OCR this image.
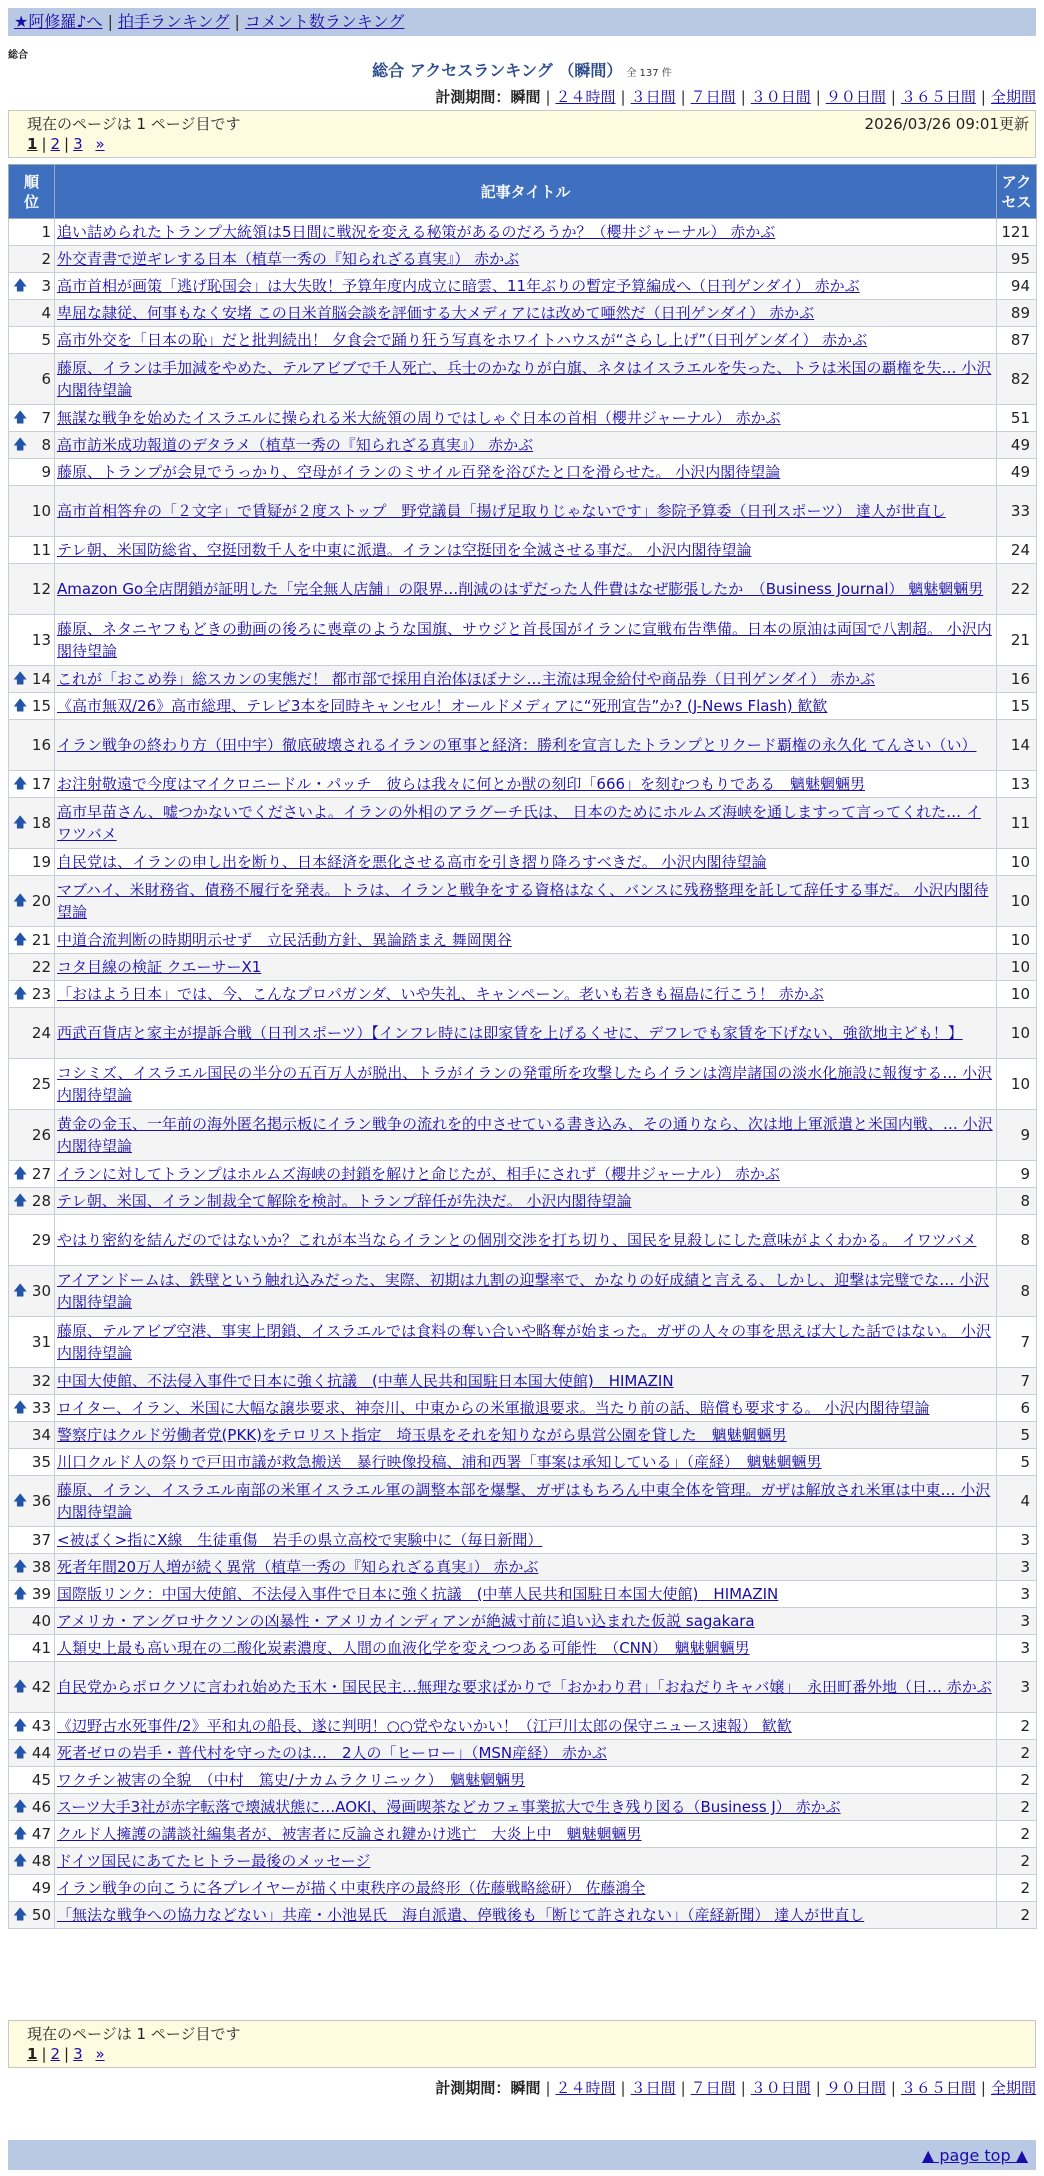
★阿修羅♪へ | 拍手ランキング | コメント数ランキング
総合
総合 アクセスランキング （瞬間） 全 137 件
計測期間：瞬間 | ２４時間 | ３日間 | ７日間 | ３０日間 | ９０日間 | ３６５日間 | 全期間
現在のページは 1 ページ目です	2026/03/26 09:01更新
1 | 2 | 3 »
順位	記事タイトル	アクセス
1	追い詰められたトランプ大統領は5日間に戦況を変える秘策があるのだろうか？（櫻井ジャーナル） 赤かぶ	121
2	外交青書で逆ギレする日本（植草一秀の『知られざる真実』） 赤かぶ	95

🡅 3	高市首相が画策「逃げ恥国会」は大失敗！予算年度内成立に暗雲、11年ぶりの暫定予算編成へ（日刊ゲンダイ） 赤かぶ	94
4	卑屈な隷従、何事もなく安堵 この日米首脳会談を評価する大メディアには改めて唖然だ（日刊ゲンダイ） 赤かぶ	89
5	高市外交を「日本の恥」だと批判続出！ 夕食会で踊り狂う写真をホワイトハウスが“さらし上げ”（日刊ゲンダイ） 赤かぶ	87
6	藤原、イランは手加減をやめた、テルアビブで千人死亡、兵士のかなりが白旗、ネタはイスラエルを失った、トラは米国の覇権を失… 小沢内閣待望論	82

🡅 7	無謀な戦争を始めたイスラエルに操られる米大統領の周りではしゃぐ日本の首相（櫻井ジャーナル） 赤かぶ	51

🡅 8	高市訪米成功報道のデタラメ（植草一秀の『知られざる真実』） 赤かぶ	49
9	藤原、トランプが会見でうっかり、空母がイランのミサイル百発を浴びたと口を滑らせた。 小沢内閣待望論	49
10	高市首相答弁の「２文字」で賃疑が２度ストップ　野党議員「揚げ足取りじゃないです」参院予算委（日刊スポーツ） 達人が世直し	33
11	テレ朝、米国防総省、空挺団数千人を中東に派遣。イランは空挺団を全滅させる事だ。 小沢内閣待望論	24
12	Amazon Go全店閉鎖が証明した「完全無人店舗」の限界…削減のはずだった人件費はなぜ膨張したか　（Business Journal） 魑魅魍魎男	22
13	藤原、ネタニヤフもどきの動画の後ろに喪章のような国旗、サウジと首長国がイランに宣戦布告準備。日本の原油は両国で八割超。 小沢内閣待望論	21

🡅 14	これが「おこめ券」総スカンの実態だ！ 都市部で採用自治体ほぼナシ…主流は現金給付や商品券（日刊ゲンダイ） 赤かぶ	16

🡅 15	《高市無双/26》高市総理、テレビ3本を同時キャンセル！オールドメディアに“死刑宣告”か? (J-News Flash) 歓歓	15
16	イラン戦争の終わり方（田中宇）徹底破壊されるイランの軍事と経済：勝利を宣言したトランプとリクード覇権の永久化 てんさい（い）	14

🡅 17	お注射敬遠で今度はマイクロニードル・パッチ　彼らは我々に何とか獣の刻印「666」を刻むつもりである　魑魅魍魎男	13

🡅 18	高市早苗さん、嘘つかないでくださいよ。イランの外相のアラグーチ氏は、 日本のためにホルムズ海峡を通しますって言ってくれた… イワツバメ	11
19	自民党は、イランの申し出を断り、日本経済を悪化させる高市を引き摺り降ろすべきだ。 小沢内閣待望論	10

🡅 20	マブハイ、米財務省、債務不履行を発表。トラは、イランと戦争をする資格はなく、バンスに残務整理を託して辞任する事だ。 小沢内閣待望論	10

🡅 21	中道合流判断の時期明示せず　立民活動方針、異論踏まえ 舞岡関谷	10
22	コタ目線の検証 クエーサーX1	10

🡅 23	「おはよう日本」では、今、こんなプロパガンダ、いや失礼、キャンペーン。老いも若きも福島に行こう！ 赤かぶ	10
24	西武百貨店と家主が提訴合戦（日刊スポーツ）【インフレ時には即家賃を上げるくせに、デフレでも家賃を下げない、強欲地主ども！】	10
25	コシミズ、イスラエル国民の半分の五百万人が脱出、トラがイランの発電所を攻撃したらイランは湾岸諸国の淡水化施設に報復する… 小沢内閣待望論	10
26	黄金の金玉、一年前の海外匿名掲示板にイラン戦争の流れを的中させている書き込み、その通りなら、次は地上軍派遣と米国内戦、… 小沢内閣待望論	9

🡅 27	イランに対してトランプはホルムズ海峡の封鎖を解けと命じたが、相手にされず（櫻井ジャーナル） 赤かぶ	9

🡅 28	テレ朝、米国、イラン制裁全て解除を検討。トランプ辞任が先決だ。 小沢内閣待望論	8
29	やはり密約を結んだのではないか？これが本当ならイランとの個別交渉を打ち切り、国民を見殺しにした意味がよくわかる。 イワツバメ	8

🡅 30	アイアンドームは、鉄壁という触れ込みだった、実際、初期は九割の迎撃率で、かなりの好成績と言える、しかし、迎撃は完璧でな… 小沢内閣待望論	8
31	藤原、テルアビブ空港、事実上閉鎖、イスラエルでは食料の奪い合いや略奪が始まった。ガザの人々の事を思えば大した話ではない。 小沢内閣待望論	7
32	中国大使館、不法侵入事件で日本に強く抗議　(中華人民共和国駐日本国大使館)　HIMAZIN	7

🡅 33	ロイター、イラン、米国に大幅な譲歩要求、神奈川、中東からの米軍撤退要求。当たり前の話、賠償も要求する。 小沢内閣待望論	6
34	警察庁はクルド労働者党(PKK)をテロリスト指定　埼玉県をそれを知りながら県営公園を貸した　魑魅魍魎男	5
35	川口クルド人の祭りで戸田市議が救急搬送　暴行映像投稿、浦和西署「事案は承知している」（産経）　魑魅魍魎男	5

🡅 36	藤原、イラン、イスラエル南部の米軍イスラエル軍の調整本部を爆撃、ガザはもちろん中東全体を管理。ガザは解放され米軍は中東… 小沢内閣待望論	4
37	<被ばく>指にX線　生徒重傷　岩手の県立高校で実験中に（毎日新聞）	3

🡅 38	死者年間20万人増が続く異常（植草一秀の『知られざる真実』） 赤かぶ	3

🡅 39	国際版リンク：中国大使館、不法侵入事件で日本に強く抗議　(中華人民共和国駐日本国大使館)　HIMAZIN	3
40	アメリカ・アングロサクソンの凶暴性・アメリカインディアンが絶滅寸前に追い込まれた仮説 sagakara	3
41	人類史上最も高い現在の二酸化炭素濃度、人間の血液化学を変えつつある可能性　（CNN）　魑魅魍魎男	3

🡅 42	自民党からポロクソに言われ始めた玉木・国民民主…無理な要求ばかりで「おかわり君」「おねだりキャバ嬢」　永田町番外地（日… 赤かぶ	3

🡅 43	《辺野古水死事件/2》平和丸の船長、遂に判明！○○党やないかい！（江戸川太郎の保守ニュース速報） 歓歓	2

🡅 44	死者ゼロの岩手・普代村を守ったのは…　2人の「ヒーロー」（MSN産経） 赤かぶ	2
45	ワクチン被害の全貌　（中村　篤史/ナカムラクリニック）　魑魅魍魎男	2

🡅 46	スーツ大手3社が赤字転落で壊滅状態に…AOKI、漫画喫茶などカフェ事業拡大で生き残り図る（Business J） 赤かぶ	2

🡅 47	クルド人擁護の講談社編集者が、被害者に反論され鍵かけ逃亡　大炎上中　魑魅魍魎男	2

🡅 48	ドイツ国民にあてたヒトラー最後のメッセージ	2
49	イラン戦争の向こうに各プレイヤーが描く中東秩序の最終形（佐藤戦略総研） 佐藤鴻全	2

🡅 50	「無法な戦争への協力などない」共産・小池晃氏　海自派遣、停戦後も「断じて許されない」（産経新聞） 達人が世直し	2
現在のページは 1 ページ目です
1 | 2 | 3 »
計測期間：瞬間 | ２４時間 | ３日間 | ７日間 | ３０日間 | ９０日間 | ３６５日間 | 全期間
▲ page top ▲
